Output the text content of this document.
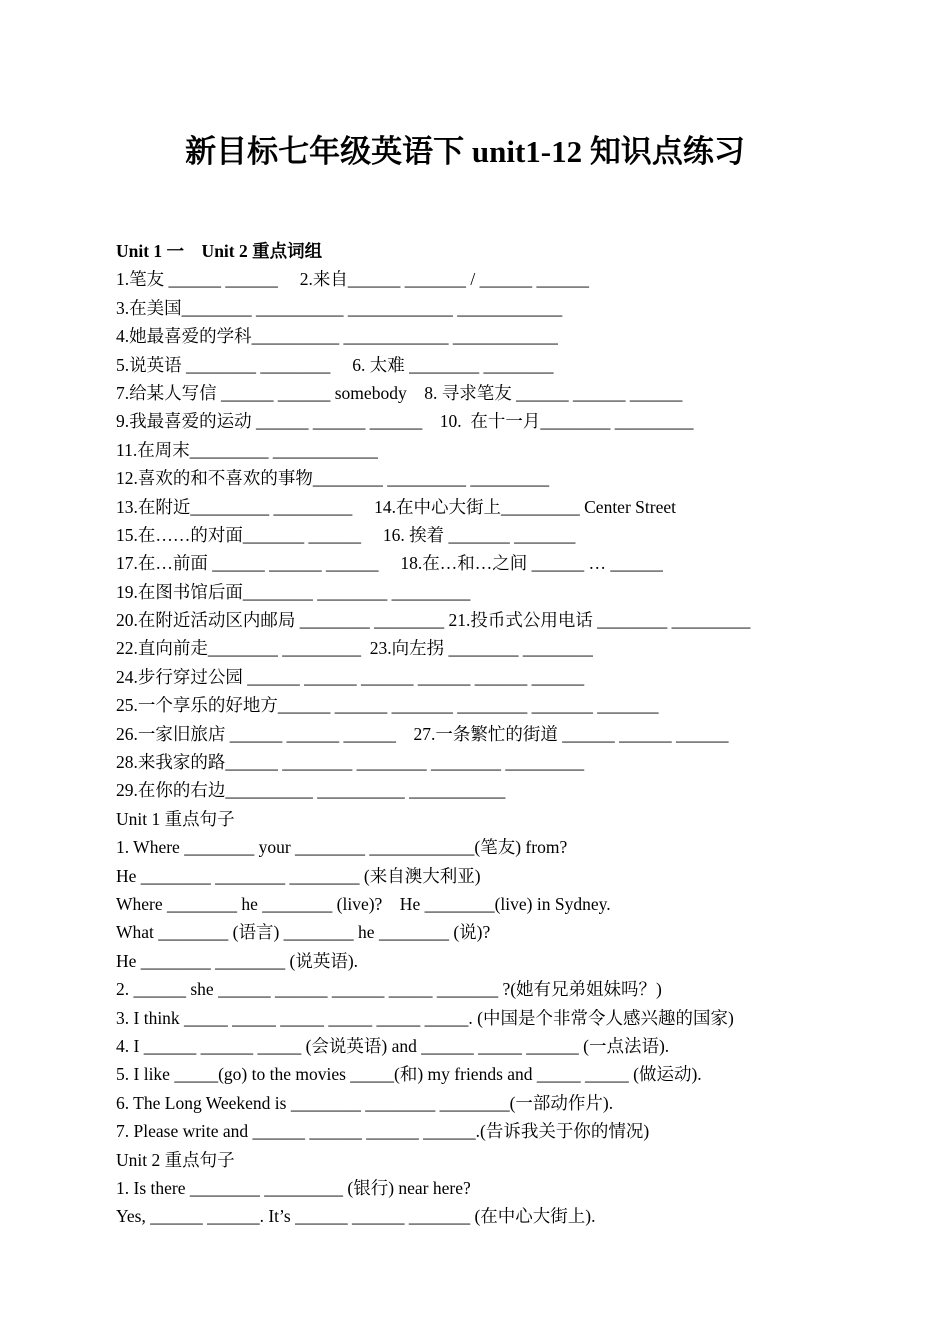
新目标七年级英语下 unit1-12 知识点练习
Unit 1 一    Unit 2 重点词组
1.笔友 ______ ______     2.来自______ _______ / ______ ______
3.在美国________ __________ ____________ ____________
4.她最喜爱的学科__________ ____________ ____________
5.说英语 ________ ________     6. 太难 ________ ________
7.给某人写信 ______ ______ somebody    8. 寻求笔友 ______ ______ ______
9.我最喜爱的运动 ______ ______ ______    10.  在十一月________ _________
11.在周末_________ ____________
12.喜欢的和不喜欢的事物________ _________ _________
13.在附近_________ _________     14.在中心大街上_________ Center Street
15.在……的对面_______ ______     16. 挨着 _______ _______
17.在…前面 ______ ______ ______     18.在…和…之间 ______ … ______
19.在图书馆后面________ ________ _________
20.在附近活动区内邮局 ________ ________ 21.投币式公用电话 ________ _________
22.直向前走________ _________  23.向左拐 ________ ________
24.步行穿过公园 ______ ______ ______ ______ ______ ______
25.一个享乐的好地方______ ______ _______ ________ _______ _______
26.一家旧旅店 ______ ______ ______    27.一条繁忙的街道 ______ ______ ______
28.来我家的路______ ________ ________ ________ _________
29.在你的右边__________ __________ ___________
Unit 1 重点句子
1. Where ________ your ________ ____________(笔友) from?
He ________ ________ ________ (来自澳大利亚)
Where ________ he ________ (live)?    He ________(live) in Sydney.
What ________ (语言) ________ he ________ (说)?
He ________ ________ (说英语).
2. ______ she ______ ______ ______ _____ _______ ?(她有兄弟姐妹吗？)
3. I think _____ _____ _____ _____ _____ _____. (中国是个非常令人感兴趣的国家)
4. I ______ ______ _____ (会说英语) and ______ _____ ______ (一点法语).
5. I like _____(go) to the movies _____(和) my friends and _____ _____ (做运动).
6. The Long Weekend is ________ ________ ________(一部动作片).
7. Please write and ______ ______ ______ ______.(告诉我关于你的情况)
Unit 2 重点句子
1. Is there ________ _________ (银行) near here?
Yes, ______ ______. It’s ______ ______ _______ (在中心大街上).
